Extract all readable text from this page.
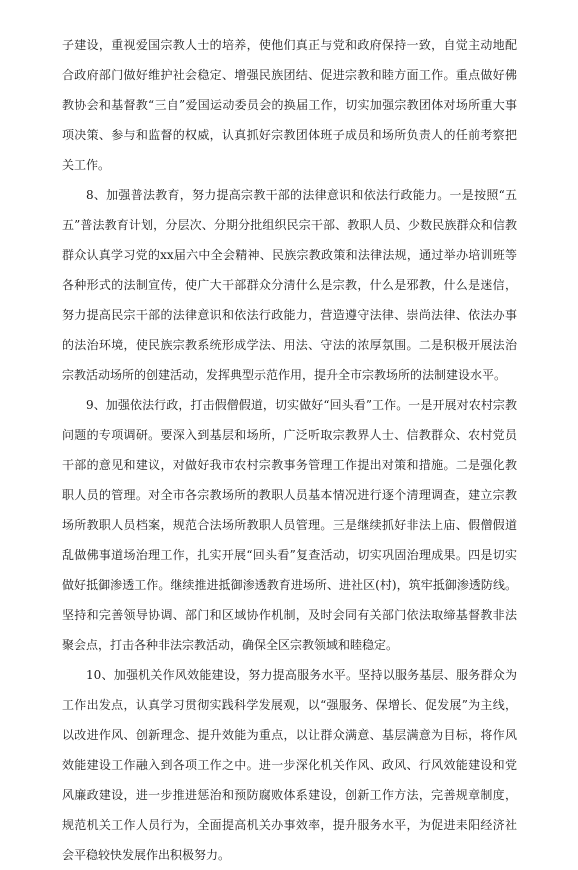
子建设，重视爱国宗教人士的培养，使他们真正与党和政府保持一致，自觉主动地配合政府部门做好维护社会稳定、增强民族团结、促进宗教和睦方面工作。重点做好佛教协会和基督教“三自”爱国运动委员会的换届工作，切实加强宗教团体对场所重大事项决策、参与和监督的权威，认真抓好宗教团体班子成员和场所负责人的任前考察把关工作。

8、加强普法教育，努力提高宗教干部的法律意识和依法行政能力。一是按照“五五”普法教育计划，分层次、分期分批组织民宗干部、教职人员、少数民族群众和信教群众认真学习党的xx届六中全会精神、民族宗教政策和法律法规，通过举办培训班等各种形式的法制宣传，使广大干部群众分清什么是宗教，什么是邪教，什么是迷信，努力提高民宗干部的法律意识和依法行政能力，营造遵守法律、崇尚法律、依法办事的法治环境，使民族宗教系统形成学法、用法、守法的浓厚氛围。二是积极开展法治宗教活动场所的创建活动，发挥典型示范作用，提升全市宗教场所的法制建设水平。

9、加强依法行政，打击假僧假道，切实做好“回头看”工作。一是开展对农村宗教问题的专项调研。要深入到基层和场所，广泛听取宗教界人士、信教群众、农村党员干部的意见和建议，对做好我市农村宗教事务管理工作提出对策和措施。二是强化教职人员的管理。对全市各宗教场所的教职人员基本情况进行逐个清理调查，建立宗教场所教职人员档案，规范合法场所教职人员管理。三是继续抓好非法上庙、假僧假道乱做佛事道场治理工作，扎实开展“回头看”复查活动，切实巩固治理成果。四是切实做好抵御渗透工作。继续推进抵御渗透教育进场所、进社区(村)，筑牢抵御渗透防线。坚持和完善领导协调、部门和区域协作机制，及时会同有关部门依法取缔基督教非法聚会点，打击各种非法宗教活动，确保全区宗教领域和睦稳定。

10、加强机关作风效能建设，努力提高服务水平。坚持以服务基层、服务群众为工作出发点，认真学习贯彻实践科学发展观，以“强服务、保增长、促发展”为主线，以改进作风、创新理念、提升效能为重点，以让群众满意、基层满意为目标，将作风效能建设工作融入到各项工作之中。进一步深化机关作风、政风、行风效能建设和党风廉政建设，进一步推进惩治和预防腐败体系建设，创新工作方法，完善规章制度，规范机关工作人员行为，全面提高机关办事效率，提升服务水平，为促进耒阳经济社会平稳较快发展作出积极努力。
